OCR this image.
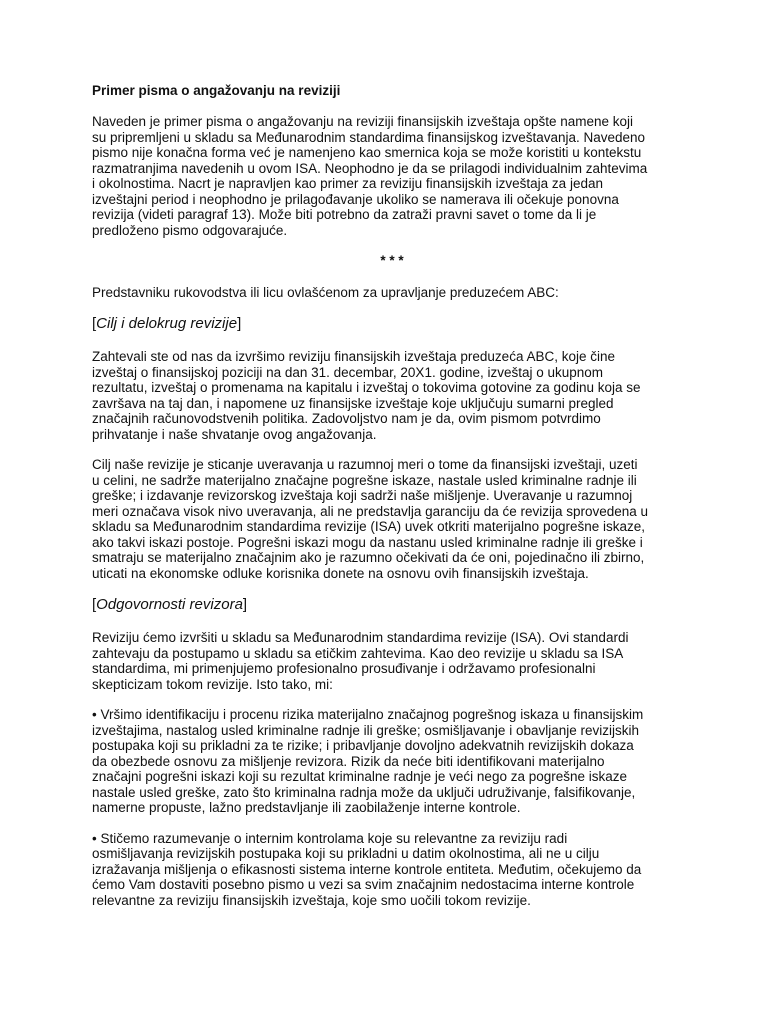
Primer pisma o angažovanju na reviziji
Naveden je primer pisma o angažovanju na reviziji finansijskih izveštaja opšte namene koji
su pripremljeni u skladu sa Međunarodnim standardima finansijskog izveštavanja. Navedeno
pismo nije konačna forma već je namenjeno kao smernica koja se može koristiti u kontekstu
razmatranjima navedenih u ovom ISA. Neophodno je da se prilagodi individualnim zahtevima
i okolnostima. Nacrt je napravljen kao primer za reviziju finansijskih izveštaja za jedan
izveštajni period i neophodno je prilagođavanje ukoliko se namerava ili očekuje ponovna
revizija (videti paragraf 13). Može biti potrebno da zatraži pravni savet o tome da li je
predloženo pismo odgovarajuće.
* * *
Predstavniku rukovodstva ili licu ovlašćenom za upravljanje preduzećem ABC:
[Cilj i delokrug revizije]
Zahtevali ste od nas da izvršimo reviziju finansijskih izveštaja preduzeća ABC, koje čine
izveštaj o finansijskoj poziciji na dan 31. decembar, 20X1. godine, izveštaj o ukupnom
rezultatu, izveštaj o promenama na kapitalu i izveštaj o tokovima gotovine za godinu koja se
završava na taj dan, i napomene uz finansijske izveštaje koje uključuju sumarni pregled
značajnih računovodstvenih politika. Zadovoljstvo nam je da, ovim pismom potvrdimo
prihvatanje i naše shvatanje ovog angažovanja.
Cilj naše revizije je sticanje uveravanja u razumnoj meri o tome da finansijski izveštaji, uzeti
u celini, ne sadrže materijalno značajne pogrešne iskaze, nastale usled kriminalne radnje ili
greške; i izdavanje revizorskog izveštaja koji sadrži naše mišljenje. Uveravanje u razumnoj
meri označava visok nivo uveravanja, ali ne predstavlja garanciju da će revizija sprovedena u
skladu sa Međunarodnim standardima revizije (ISA) uvek otkriti materijalno pogrešne iskaze,
ako takvi iskazi postoje. Pogrešni iskazi mogu da nastanu usled kriminalne radnje ili greške i
smatraju se materijalno značajnim ako je razumno očekivati da će oni, pojedinačno ili zbirno,
uticati na ekonomske odluke korisnika donete na osnovu ovih finansijskih izveštaja.
[Odgovornosti revizora]
Reviziju ćemo izvršiti u skladu sa Međunarodnim standardima revizije (ISA). Ovi standardi
zahtevaju da postupamo u skladu sa etičkim zahtevima. Kao deo revizije u skladu sa ISA
standardima, mi primenjujemo profesionalno prosuđivanje i održavamo profesionalni
skepticizam tokom revizije. Isto tako, mi:
• Vršimo identifikaciju i procenu rizika materijalno značajnog pogrešnog iskaza u finansijskim
izveštajima, nastalog usled kriminalne radnje ili greške; osmišljavanje i obavljanje revizijskih
postupaka koji su prikladni za te rizike; i pribavljanje dovoljno adekvatnih revizijskih dokaza
da obezbede osnovu za mišljenje revizora. Rizik da neće biti identifikovani materijalno
značajni pogrešni iskazi koji su rezultat kriminalne radnje je veći nego za pogrešne iskaze
nastale usled greške, zato što kriminalna radnja može da uključi udruživanje, falsifikovanje,
namerne propuste, lažno predstavljanje ili zaobilaženje interne kontrole.
• Stičemo razumevanje o internim kontrolama koje su relevantne za reviziju radi
osmišljavanja revizijskih postupaka koji su prikladni u datim okolnostima, ali ne u cilju
izražavanja mišljenja o efikasnosti sistema interne kontrole entiteta. Međutim, očekujemo da
ćemo Vam dostaviti posebno pismo u vezi sa svim značajnim nedostacima interne kontrole
relevantne za reviziju finansijskih izveštaja, koje smo uočili tokom revizije.
